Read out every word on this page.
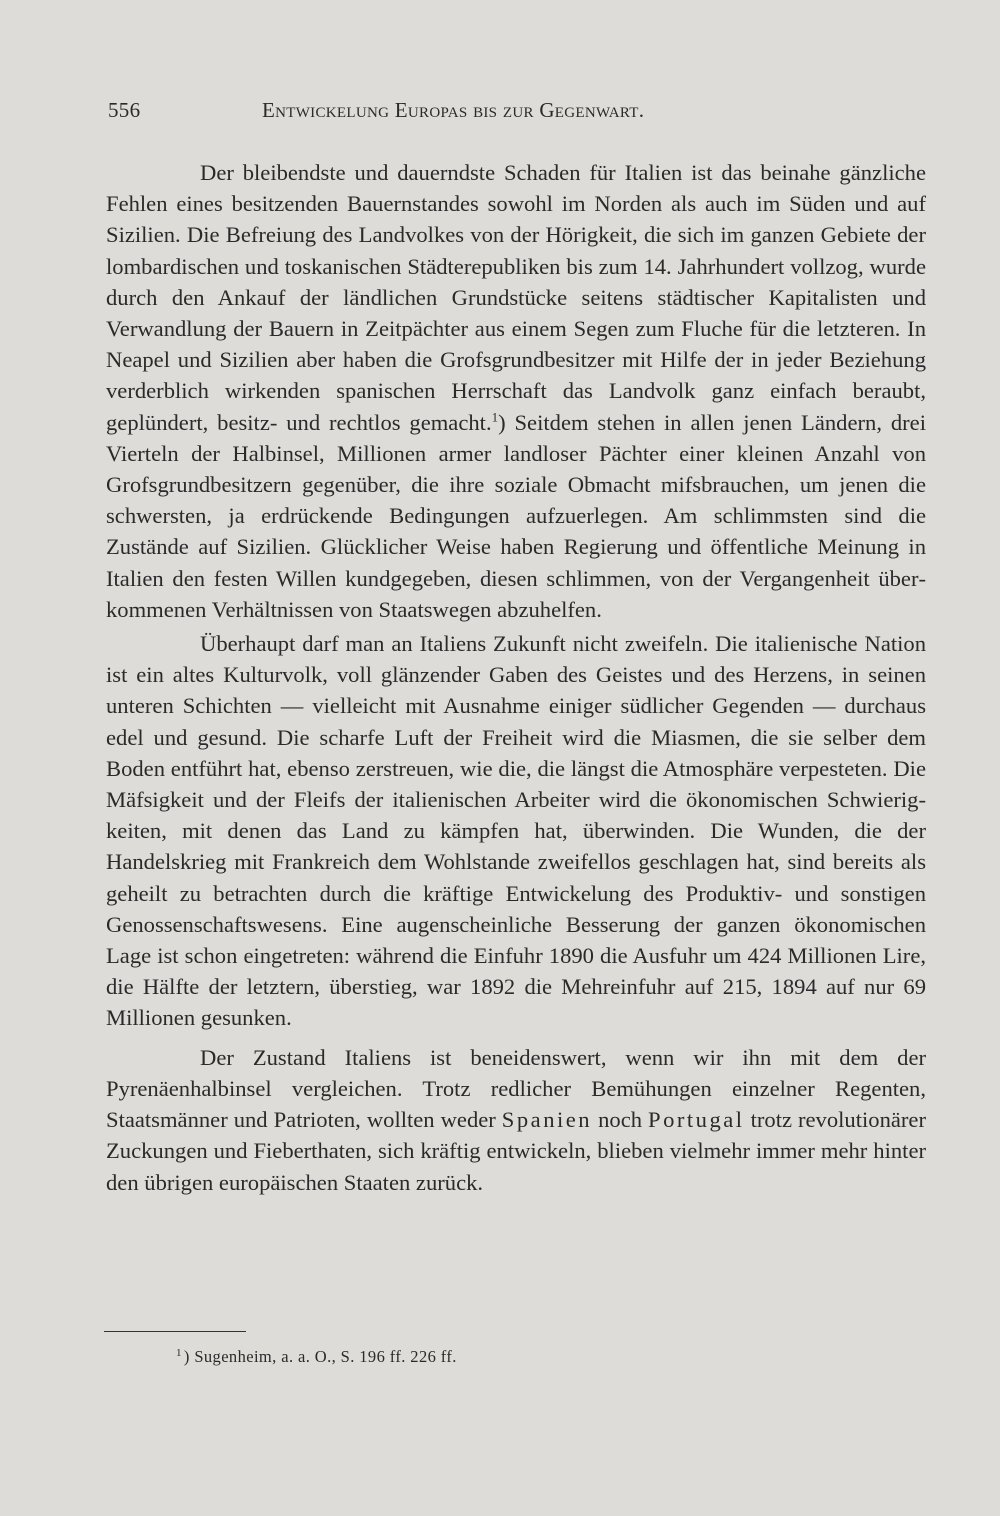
556	Entwickelung Europas bis zur Gegenwart.

Der bleibendste und dauerndste Schaden für Italien ist das beinahe gänzliche Fehlen eines besitzenden Bauernstandes sowohl im Norden als auch im Süden und auf Sizilien. Die Befreiung des Landvolkes von der Hörigkeit, die sich im ganzen Gebiete der lombardischen und toskanischen Städterepubliken bis zum 14. Jahrhundert vollzog, wurde durch den Ankauf der ländlichen Grundstücke seitens städtischer Kapitalisten und Verwandlung der Bauern in Zeitpächter aus einem Segen zum Fluche für die letzteren. In Neapel und Sizilien aber haben die Grofsgrundbesitzer mit Hilfe der in jeder Beziehung verderblich wirkenden spanischen Herrschaft das Landvolk ganz einfach beraubt, geplündert, besitz- und rechtlos gemacht.$^1$) Seitdem stehen in allen jenen Ländern, drei Vierteln der Halbinsel, Millionen armer landloser Pächter einer kleinen Anzahl von Grofsgrundbesitzern gegenüber, die ihre soziale Obmacht mifsbrauchen, um jenen die schwersten, ja erdrückende Bedingungen aufzuerlegen. Am schlimmsten sind die Zustände auf Sizilien. Glücklicher Weise haben Regierung und öffentliche Meinung in Italien den festen Willen kundgegeben, diesen schlimmen, von der Vergangenheit überkommenen Verhältnissen von Staatswegen abzuhelfen.

Überhaupt darf man an Italiens Zukunft nicht zweifeln. Die italienische Nation ist ein altes Kulturvolk, voll glänzender Gaben des Geistes und des Herzens, in seinen unteren Schichten — vielleicht mit Ausnahme einiger südlicher Gegenden — durchaus edel und gesund. Die scharfe Luft der Freiheit wird die Miasmen, die sie selber dem Boden entführt hat, ebenso zerstreuen, wie die, die längst die Atmosphäre verpesteten. Die Mäfsigkeit und der Fleifs der italienischen Arbeiter wird die ökonomischen Schwierigkeiten, mit denen das Land zu kämpfen hat, überwinden. Die Wunden, die der Handelskrieg mit Frankreich dem Wohlstande zweifellos geschlagen hat, sind bereits als geheilt zu betrachten durch die kräftige Entwickelung des Produktiv- und sonstigen Genossenschaftswesens. Eine augenscheinliche Besserung der ganzen ökonomischen Lage ist schon eingetreten: während die Einfuhr 1890 die Ausfuhr um 424 Millionen Lire, die Hälfte der letztern, überstieg, war 1892 die Mehreinfuhr auf 215, 1894 auf nur 69 Millionen gesunken.

Der Zustand Italiens ist beneidenswert, wenn wir ihn mit dem der Pyrenäenhalbinsel vergleichen. Trotz redlicher Bemühungen einzelner Regenten, Staatsmänner und Patrioten, wollten weder Spanien noch Portugal trotz revolutionärer Zuckungen und Fieberthaten, sich kräftig entwickeln, blieben vielmehr immer mehr hinter den übrigen europäischen Staaten zurück.

$^1$ ) Sugenheim, a. a. O., S. 196 ff. 226 ff.
